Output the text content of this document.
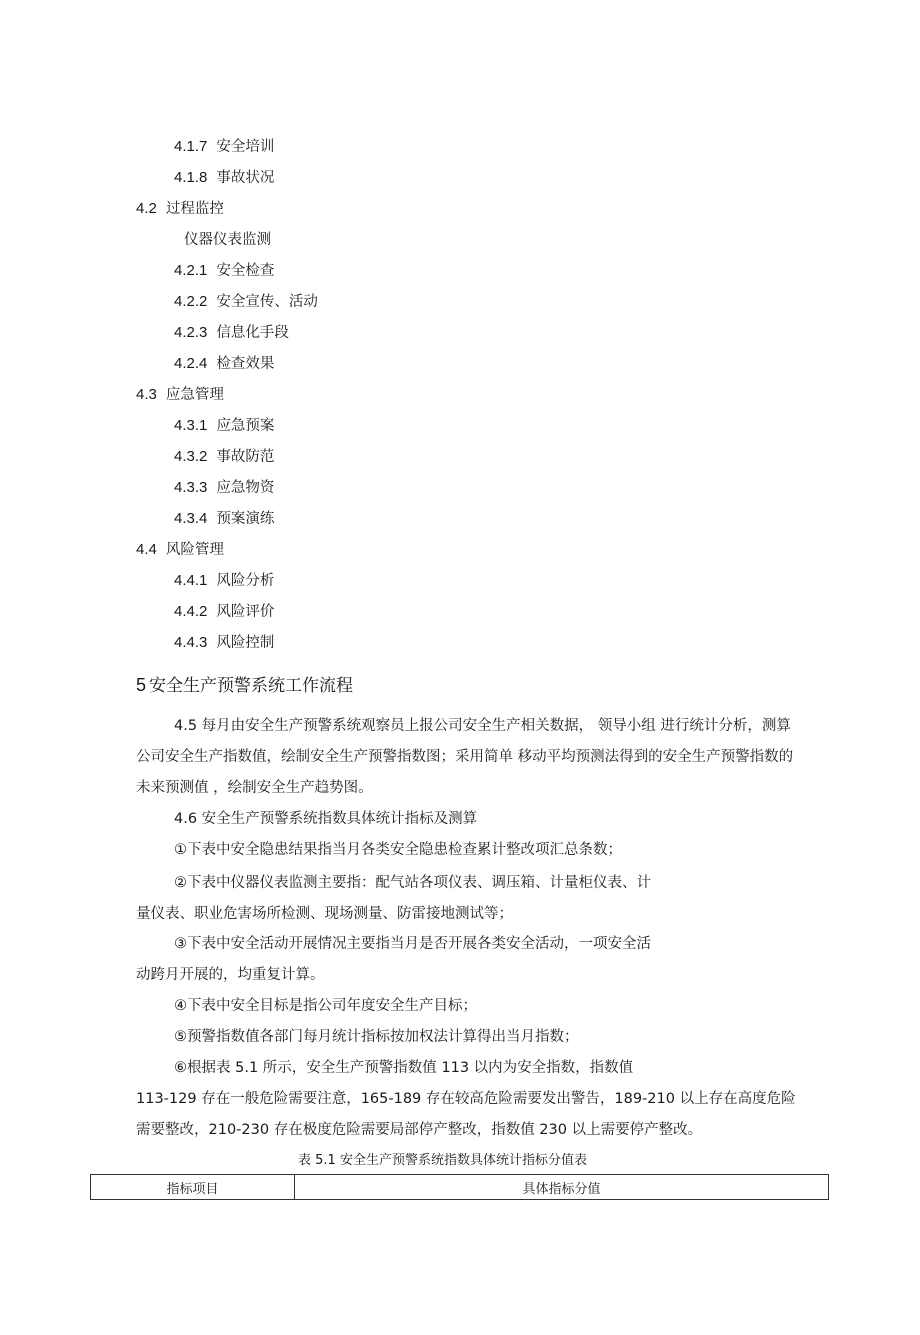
4.1.7 安全培训
4.1.8 事故状况
4.2 过程监控
仪器仪表监测
4.2.1 安全检查
4.2.2 安全宣传、活动
4.2.3 信息化手段
4.2.4 检查效果
4.3 应急管理
4.3.1 应急预案
4.3.2 事故防范
4.3.3 应急物资
4.3.4 预案演练
4.4 风险管理
4.4.1 风险分析
4.4.2 风险评价
4.4.3 风险控制
5 安全生产预警系统工作流程
4.5 每月由安全生产预警系统观察员上报公司安全生产相关数据， 领导小组 进行统计分析，测算
公司安全生产指数值，绘制安全生产预警指数图；采用简单 移动平均预测法得到的安全生产预警指数的
未来预测值 ，绘制安全生产趋势图。
4.6 安全生产预警系统指数具体统计指标及测算
①下表中安全隐患结果指当月各类安全隐患检查累计整改项汇总条数；
②下表中仪器仪表监测主要指：配气站各项仪表、调压箱、计量柜仪表、计
量仪表、职业危害场所检测、现场测量、防雷接地测试等；
③下表中安全活动开展情况主要指当月是否开展各类安全活动，一项安全活
动跨月开展的，均重复计算。
④下表中安全目标是指公司年度安全生产目标；
⑤预警指数值各部门每月统计指标按加权法计算得出当月指数；
⑥根据表 5.1 所示，安全生产预警指数值 113 以内为安全指数，指数值
113-129 存在一般危险需要注意，165-189 存在较高危险需要发出警告，189-210 以上存在高度危险
需要整改，210-230 存在极度危险需要局部停产整改，指数值 230 以上需要停产整改。
表 5.1 安全生产预警系统指数具体统计指标分值表
指标项目	具体指标分值
